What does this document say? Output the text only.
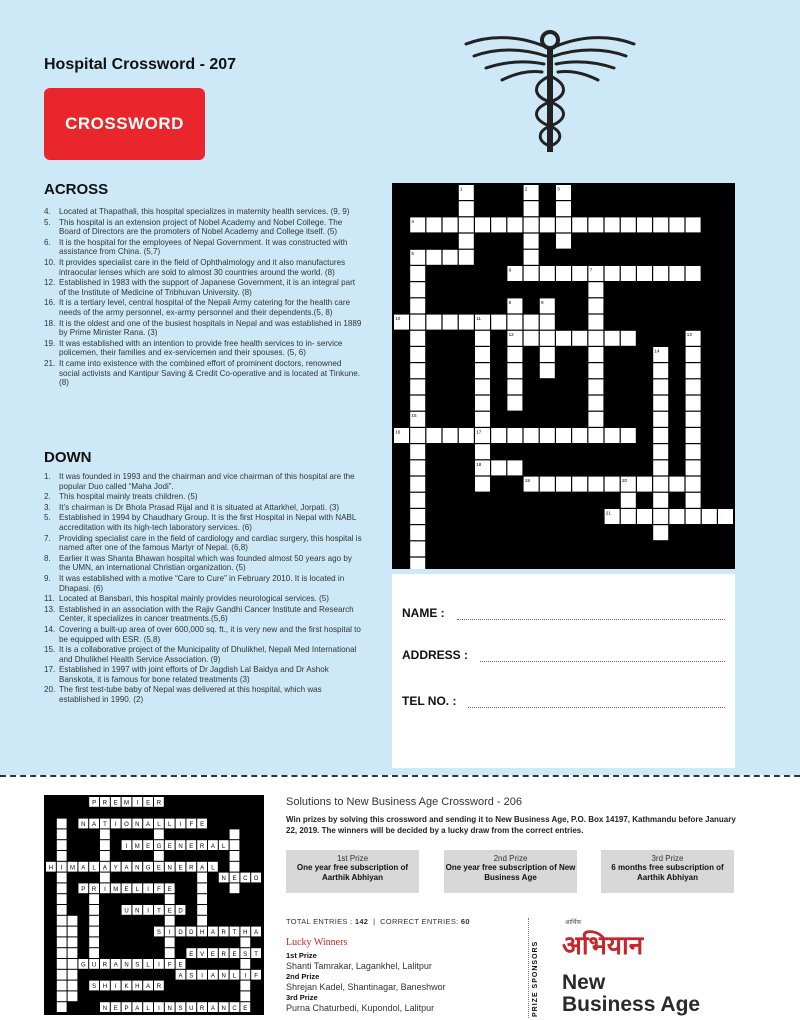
Hospital Crossword - 207
CROSSWORD
ACROSS
4.	Located at Thapathali, this hospital specializes in maternity health services. (9, 9)
5.	This hospital is an extension project of Nobel Academy and Nobel College. The Board of Directors are the promoters of Nobel Academy and College itself. (5)
6.	It is the hospital for the employees of Nepal Government. It was constructed with assistance from China. (5,7)
10. It provides specialist care in the field of Ophthalmology and it also manufactures intraocular lenses which are sold to almost 30 countries around the world. (8)
12. Established in 1983 with the support of Japanese Government, it is an integral part of the Institute of Medicine of Tribhuvan University. (8)
16. It is a tertiary level, central hospital of the Nepali Army catering for the health care needs of the army personnel, ex-army personnel and their dependents.(5, 8)
18. It is the oldest and one of the busiest hospitals in Nepal and was established in 1889 by Prime Minister Rana. (3)
19. It was established with an intention to provide free health services to in- service policemen, their families and ex-servicemen and their spouses. (5, 6)
21. It came into existence with the combined effort of prominent doctors, renowned social activists and Kantipur Saving & Credit Co-operative and is located at Tinkune. (8)
DOWN
1.	It was founded in 1993 and the chairman and vice chairman of this hospital are the popular Duo called “Maha Jodi”.
2.	This hospital mainly treats children. (5)
3.	It’s chairman is Dr Bhola Prasad Rijal and it is situated at Attarkhel, Jorpati. (3)
5.	Established in 1994 by Chaudhary Group. It is the first Hospital in Nepal with NABL accreditation with its high-tech laboratory services. (6)
7.	Providing specialist care in the field of cardiology and cardiac surgery, this hospital is named after one of the famous Martyr of Nepal. (6,8)
8.	Earlier it was Shanta Bhawan hospital which was founded almost 50 years ago by the UMN, an international Christian organization. (5)
9.	It was established with a motive “Care to Cure” in February 2010. It is located in Dhapasi. (6)
11. Located at Bansbari, this hospital mainly provides neurological services. (5)
13. Established in an association with the Rajiv Gandhi Cancer Institute and Research Center, it specializes in cancer treatments.(5,6)
14. Covering a built-up area of over 600,000 sq. ft., it is very new and the first hospital to be equipped with ESR. (5,8)
15. It is a collaborative project of the Municipality of Dhulikhel, Nepali Med International and Dhulikhel Health Service Association. (9)
17. Established in 1997 with joint efforts of Dr Jagdish Lal Baidya and Dr Ashok Banskota, it is famous for bone related treatments (3)
20. The first test-tube baby of Nepal was delivered at this hospital, which was established in 1990. (2)
1	2	3
4
5
6	7
8	9
10	11
12	13
14
15
16	17
18
19	20
21
NAME :
ADDRESS :
TEL NO. :
P R E M I E R
N A T I O N A L L I F E
I M E G E N E R A L
H I M A L A Y A N G E N E R A L
P R I M E L I F E
U N I T E D
S I D D H A R T H A
E V E R E S T
G U R A N S L I F E
A S I A N L I F
S H I K H A R
N E P A L I N S U R A N C E
N E C O
Solutions to New Business Age Crossword - 206
Win prizes by solving this crossword and sending it to New Business Age, P.O. Box 14197, Kathmandu before January 22, 2019. The winners will be decided by a lucky draw from the correct entries.
1st Prize
One year free subscription of Aarthik Abhiyan
2nd Prize
One year free subscription of New Business Age
3rd Prize
6 months free subscription of Aarthik Abhiyan
TOTAL ENTRIES : 142 | CORRECT ENTRIES: 60
Lucky Winners
1st Prize
Shanti Tamrakar, Lagankhel, Lalitpur
2nd Prize
Shrejan Kadel, Shantinagar, Baneshwor
3rd Prize
Purna Chaturbedi, Kupondol, Lalitpur	PRIZE SPONSORS
आर्थिक
अभियान
New
Business Age
